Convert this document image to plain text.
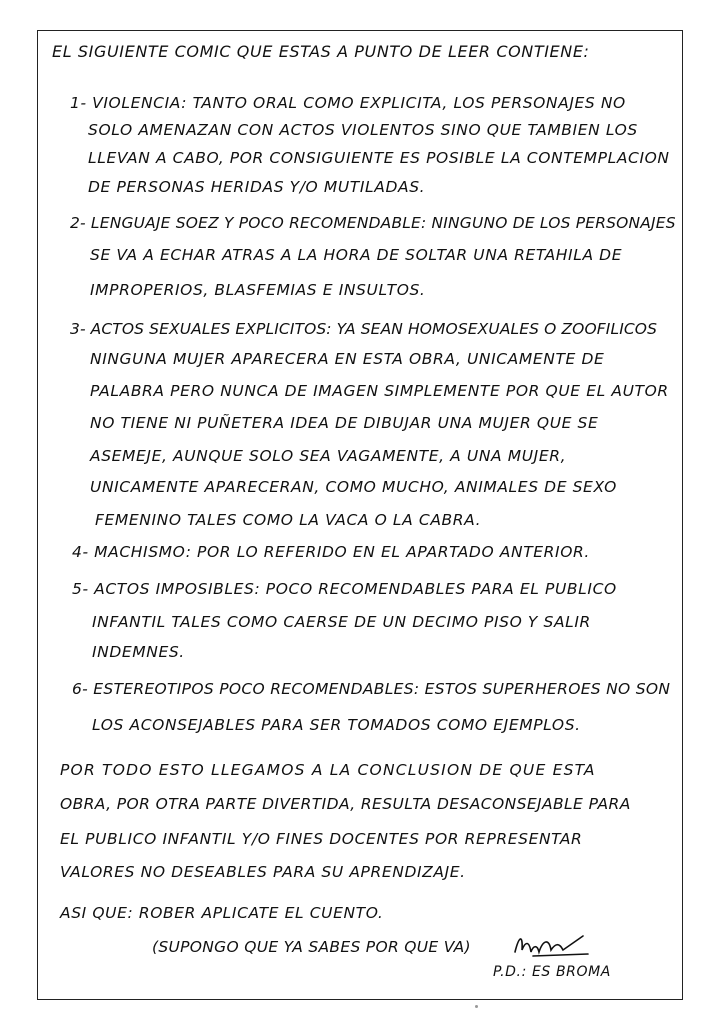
EL SIGUIENTE COMIC QUE ESTAS A PUNTO DE LEER CONTIENE:
1- VIOLENCIA: TANTO ORAL COMO EXPLICITA, LOS PERSONAJES NO
SOLO AMENAZAN CON ACTOS VIOLENTOS SINO QUE TAMBIEN LOS
LLEVAN A CABO, POR CONSIGUIENTE ES POSIBLE LA CONTEMPLACION
DE PERSONAS HERIDAS Y/O MUTILADAS.
2- LENGUAJE SOEZ Y POCO RECOMENDABLE: NINGUNO DE LOS PERSONAJES
SE VA A ECHAR ATRAS A LA HORA DE SOLTAR UNA RETAHILA DE
IMPROPERIOS, BLASFEMIAS E INSULTOS.
3- ACTOS SEXUALES EXPLICITOS: YA SEAN HOMOSEXUALES O ZOOFILICOS
NINGUNA MUJER APARECERA EN ESTA OBRA, UNICAMENTE DE
PALABRA PERO NUNCA DE IMAGEN SIMPLEMENTE POR QUE EL AUTOR
NO TIENE NI PUÑETERA IDEA DE DIBUJAR UNA MUJER QUE SE
ASEMEJE, AUNQUE SOLO SEA VAGAMENTE, A UNA MUJER,
UNICAMENTE APARECERAN, COMO MUCHO, ANIMALES DE SEXO
FEMENINO TALES COMO LA VACA O LA CABRA.
4- MACHISMO: POR LO REFERIDO EN EL APARTADO ANTERIOR.
5- ACTOS IMPOSIBLES: POCO RECOMENDABLES PARA EL PUBLICO
INFANTIL TALES COMO CAERSE DE UN DECIMO PISO Y SALIR
INDEMNES.
6- ESTEREOTIPOS POCO RECOMENDABLES: ESTOS SUPERHEROES NO SON
LOS ACONSEJABLES PARA SER TOMADOS COMO EJEMPLOS.
POR TODO ESTO LLEGAMOS A LA CONCLUSION DE QUE ESTA
OBRA, POR OTRA PARTE DIVERTIDA, RESULTA DESACONSEJABLE PARA
EL PUBLICO INFANTIL Y/O FINES DOCENTES POR REPRESENTAR
VALORES NO DESEABLES PARA SU APRENDIZAJE.
ASI QUE: ROBER APLICATE EL CUENTO.
(SUPONGO QUE YA SABES POR QUE VA)
P.D.: ES BROMA
